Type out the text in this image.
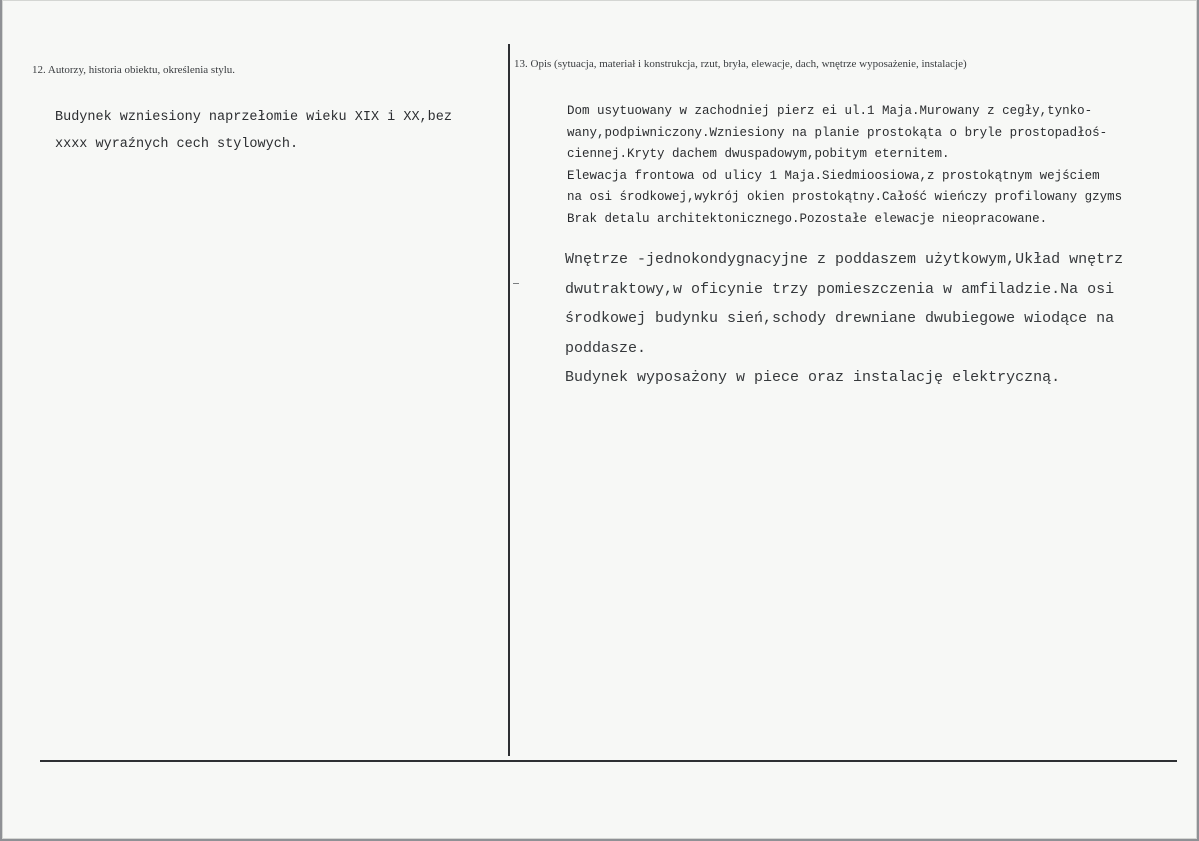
12. Autorzy, historia obiektu, określenia stylu.	13. Opis (sytuacja, materiał i konstrukcja, rzut, bryła, elewacje, dach, wnętrze wyposażenie, instalacje)
Budynek wzniesiony naprzełomie wieku XIX i XX,bez
xxxx wyraźnych cech stylowych.
Dom usytuowany w zachodniej pierz ei ul.1 Maja.Murowany z cegły,tynko-
wany,podpiwniczony.Wzniesiony na planie prostokąta o bryle prostopadłoś-
ciennej.Kryty dachem dwuspadowym,pobitym eternitem.
Elewacja frontowa od ulicy 1 Maja.Siedmioosiowa,z prostokątnym wejściem
na osi środkowej,wykrój okien prostokątny.Całość wieńczy profilowany gzyms
Brak detalu architektonicznego.Pozostałe elewacje nieopracowane.
Wnętrze -jednokondygnacyjne z poddaszem użytkowym,Układ wnętrz
dwutraktowy,w oficynie trzy pomieszczenia w amfiladzie.Na osi
środkowej budynku sień,schody drewniane dwubiegowe wiodące na
poddasze.
Budynek wyposażony w piece oraz instalację elektryczną.
